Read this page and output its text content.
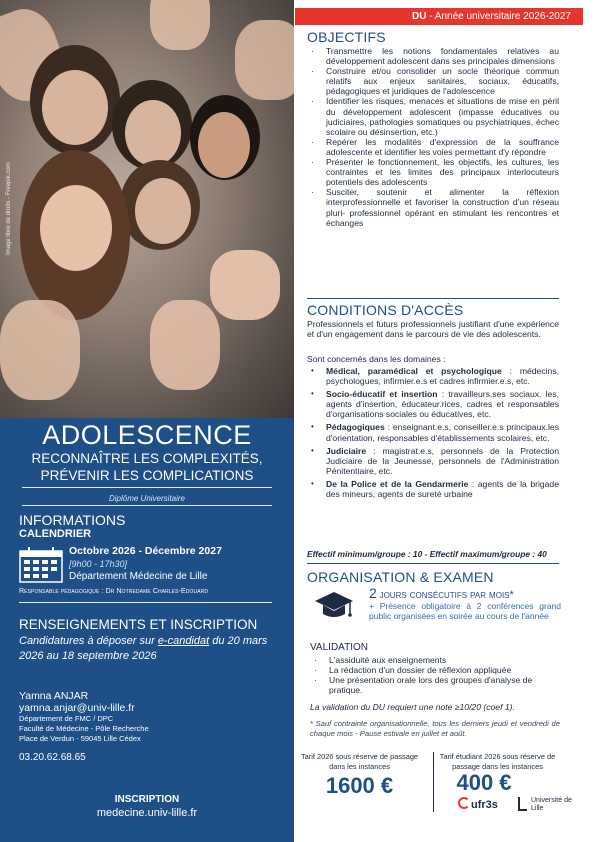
Image libre de droits - Freepik.com
ADOLESCENCE
RECONNAÎTRE LES COMPLEXITÉS,
PRÉVENIR LES COMPLICATIONS
Diplôme Universitaire
INFORMATIONS
CALENDRIER
Octobre 2026 - Décembre 2027
[9h00 - 17h30]
Département Médecine de Lille
Responsable pédagogique : Dr Notredame Charles-Edouard
RENSEIGNEMENTS ET INSCRIPTION
Candidatures à déposer sur e-candidat du 20 mars 2026 au 18 septembre 2026
Yamna ANJAR
yamna.anjar@univ-lille.fr
Département de FMC / DPC
Faculté de Médecine - Pôle Recherche
Place de Verdun - 59045 Lille Cédex
03.20.62.68.65
INSCRIPTION
medecine.univ-lille.fr
DU - Année universitaire 2026-2027
OBJECTIFS
· Transmettre les notions fondamentales relatives au développement adolescent dans ses principales dimensions
· Construire et/ou consolider un socle théorique commun relatifs aux enjeux sanitaires, sociaux, éducatifs, pédagogiques et juridiques de l'adolescence
· Identifier les risques, menaces et situations de mise en péril du développement adolescent (impasse éducatives ou judiciaires, pathologies somatiques ou psychiatriques, échec scolaire ou désinsertion, etc.)
· Repérer les modalités d'expression de la souffrance adolescente et identifier les voies permettant d'y répondre
· Présenter le fonctionnement, les objectifs, les cultures, les contraintes et les limites des principaux interlocuteurs potentiels des adolescents
· Susciter, soutenir et alimenter la réflexion interprofessionnelle et favoriser la construction d'un réseau pluri- professionnel opérant en stimulant les rencontres et échanges
CONDITIONS D'ACCÈS
Professionnels et futurs professionnels justifiant d'une expérience et d'un engagement dans le parcours de vie des adolescents.
Sont concernés dans les domaines :
• Médical, paramédical et psychologique : médecins, psychologues, infirmier.e.s et cadres infirmier.e.s, etc.
• Socio-éducatif et insertion : travailleurs.ses sociaux. les, agents d'insertion, éducateur.rices, cadres et responsables d'organisations sociales ou éducatives, etc.
• Pédagogiques : enseignant.e.s, conseiller.e.s principaux.les d'orientation, responsables d'établissements scolaires, etc.
• Judiciaire : magistrat.e.s, personnels de la Protection Judiciaire de la Jeunesse, personnels de l'Administration Pénitentiaire, etc.
• De la Police et de la Gendarmerie : agents de la brigade des mineurs, agents de sureté urbaine
Effectif minimum/groupe : 10 - Effectif maximum/groupe : 40
ORGANISATION & EXAMEN
2 jours consécutifs par mois*
+ Présence obligatoire à 2 conférences grand public organisées en soirée au cours de l'année
VALIDATION
· L'assiduité aux enseignements
· La rédaction d'un dossier de réflexion appliquée
· Une présentation orale lors des groupes d'analyse de pratique.
La validation du DU requiert une note ≥10/20 (coef 1).
* Sauf contrainte organisationnelle, tous les derniers jeudi et vendredi de chaque mois - Pause estivale en juillet et août.
Tarif 2026 sous réserve de passage dans les instances
1600 €
Tarif étudiant 2026 sous réserve de passage dans les instances
400 €
ufr3s	Université de Lille
